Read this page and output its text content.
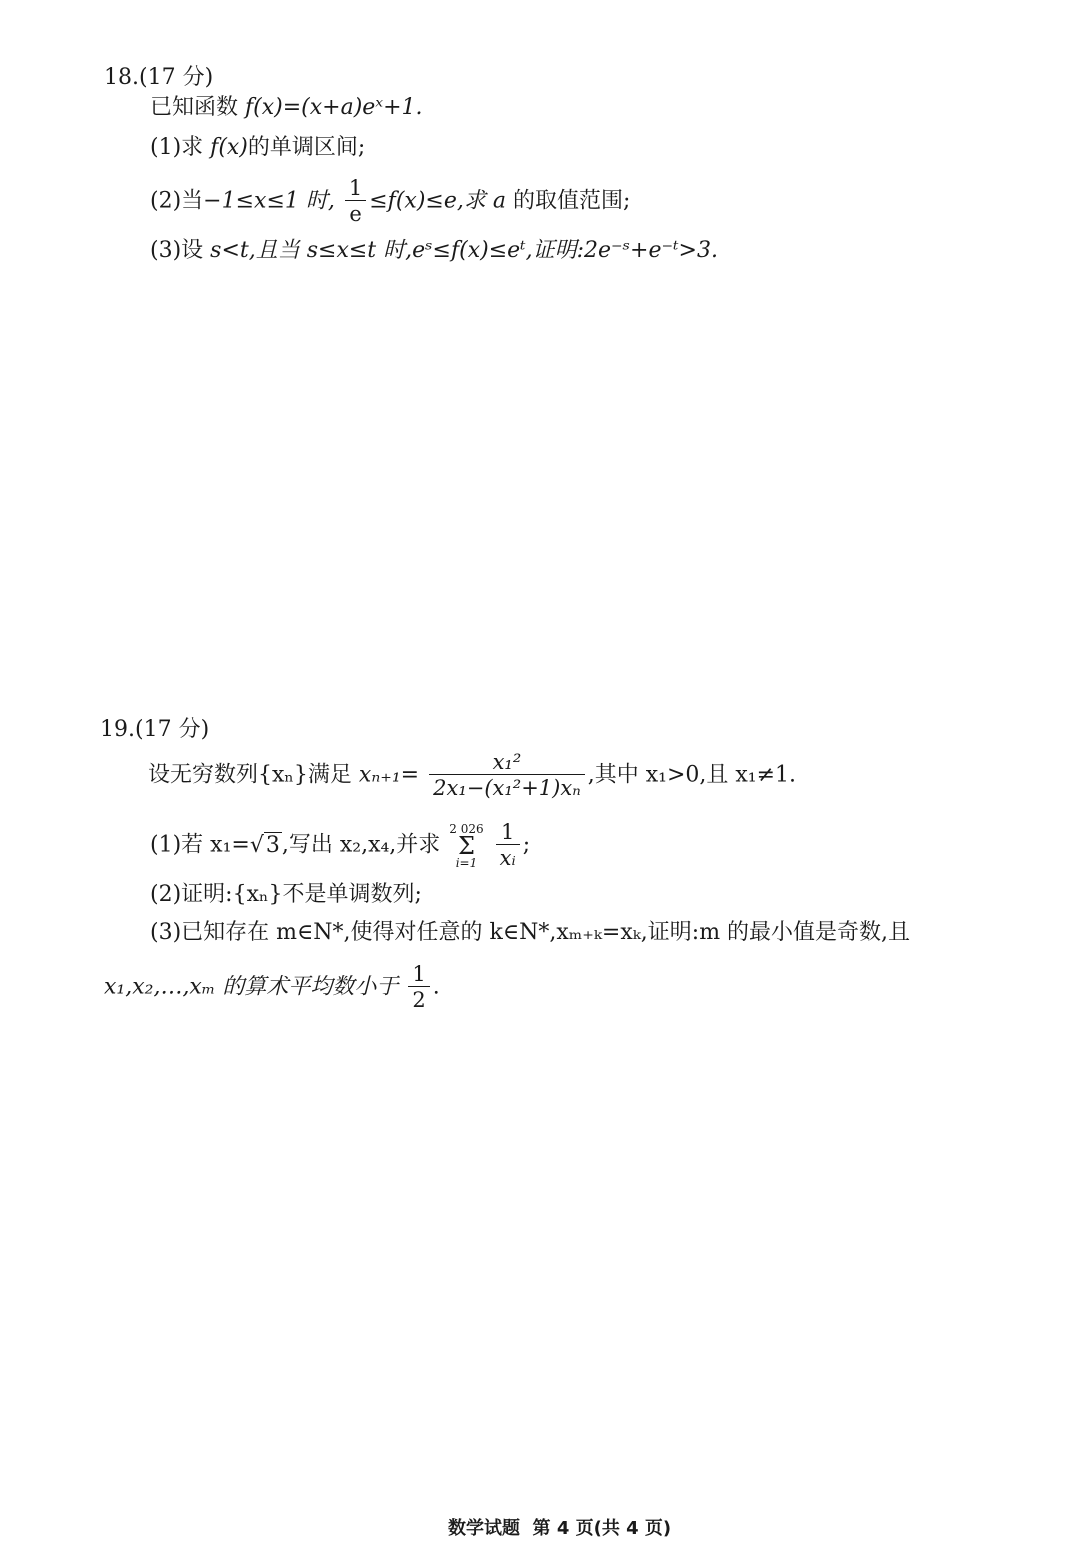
18.(17 分)
已知函数 f(x)=(x+a)eˣ+1.
(1)求 f(x)的单调区间;
(2)当−1≤x≤1 时, $\frac{1}{e} \le f(x)\le e$,求 a 的取值范围;
(3)设 s<t,且当 s≤x≤t 时,eˢ≤f(x)≤eᵗ,证明:2e⁻ˢ+e⁻ᵗ>3.
19.(17 分)
设无穷数列{xₙ}满足 $x_{n+1}= \frac{\text{x₁²}}{\text{2x₁−(x₁²+1)xₙ}}$ ,其中 x₁>0,且 x₁≠1.
(1)若 x₁=√3,写出 x₂,x₄,并求
2 026
Σ
i=1
$\frac{1}{\text{xᵢ}}$ ;
(2)证明:{xₙ}不是单调数列;
(3)已知存在 m∈N*,使得对任意的 k∈N*,xₘ₊ₖ=xₖ,证明:m 的最小值是奇数,且
x₁,x₂,…,xₘ 的算术平均数小于 $\frac{1}{2}$ .
数学试题 第 4 页(共 4 页)
